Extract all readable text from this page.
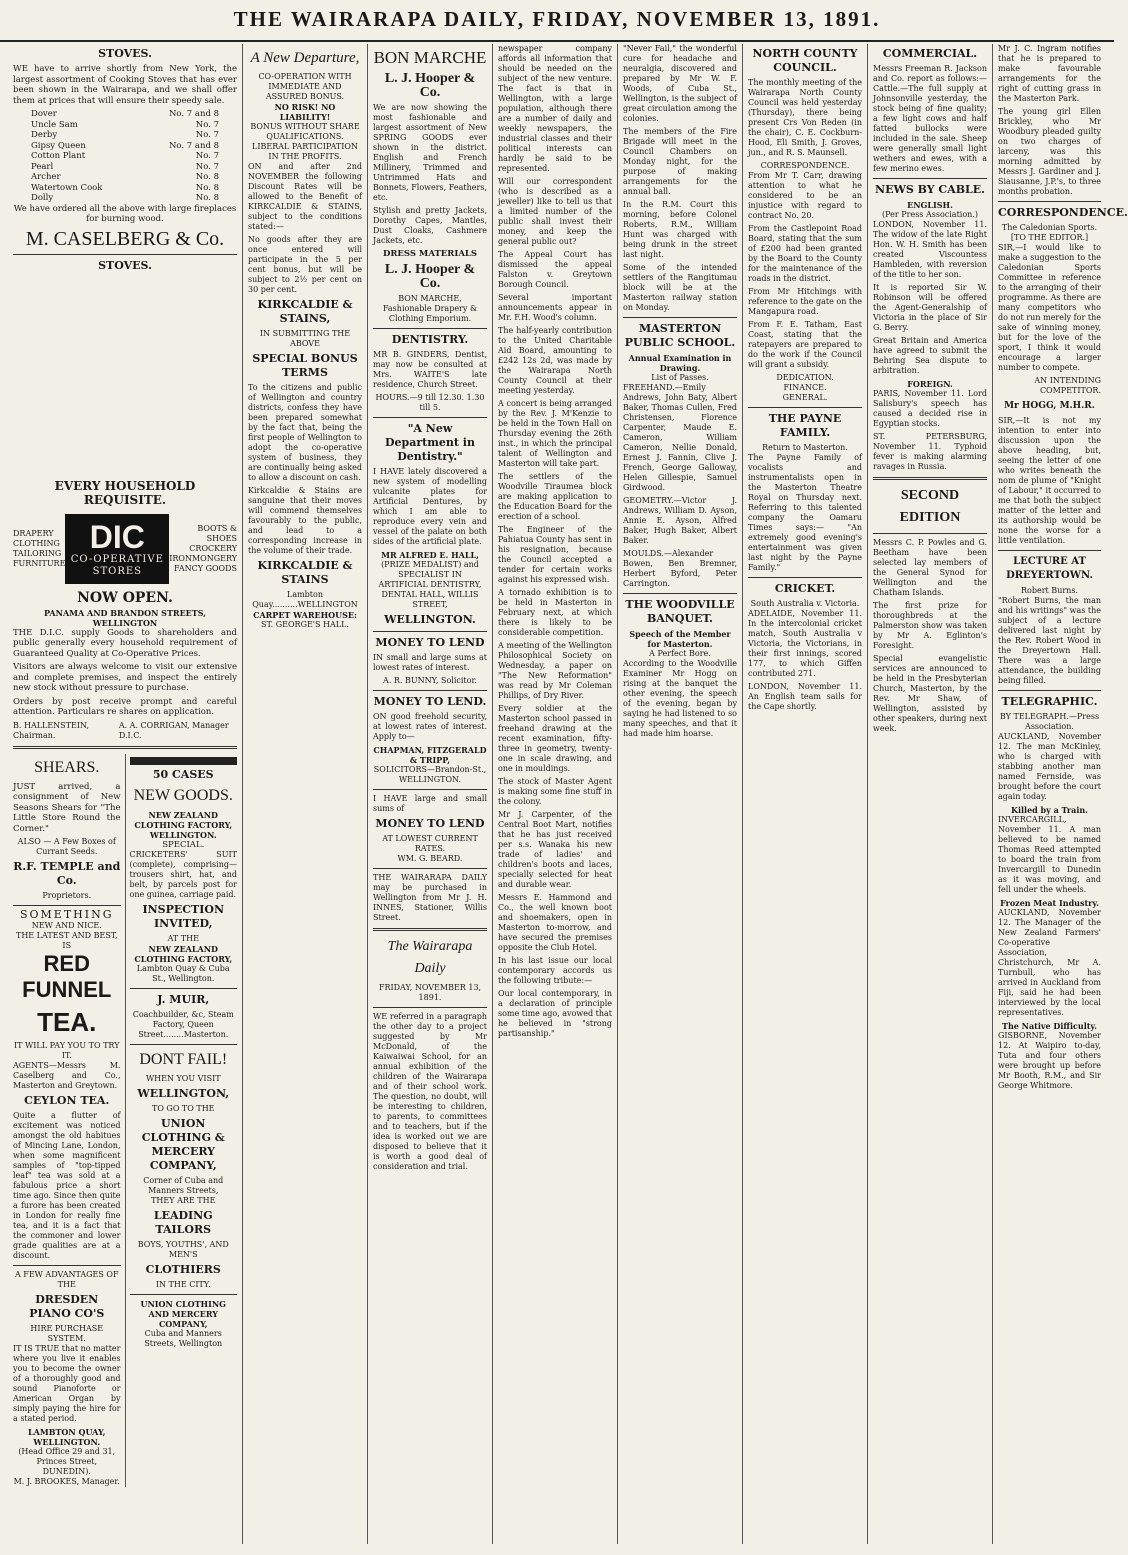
THE WAIRARAPA DAILY, FRIDAY, NOVEMBER 13, 1891.
STOVES.

WE have to arrive shortly from New York, the largest assortment of Cooking Stoves that has ever been shown in the Wairarapa, and we shall offer them at prices that will ensure their speedy sale.

Dover	No. 7 and 8
Uncle Sam	No. 7
Derby	No. 7
Gipsy Queen	No. 7 and 8
Cotton Plant	No. 7
Pearl	No. 7
Archer	No. 8
Watertown Cook	No. 8
Dolly	No. 8

We have ordered all the above with large fireplaces for burning wood.

M. CASELBERG & Co.
STOVES.
EVERY HOUSEHOLD REQUISITE.
DRAPERY
CLOTHING
TAILORING
FURNITURE
DIC
CO-OPERATIVE STORES
BOOTS & SHOES
CROCKERY
IRONMONGERY
FANCY GOODS
NOW OPEN.
PANAMA AND BRANDON STREETS, WELLINGTON

THE D.I.C. supply Goods to shareholders and public generally every household requirement of Guaranteed Quality at Co-Operative Prices.

Visitors are always welcome to visit our extensive and complete premises, and inspect the entirely new stock without pressure to purchase.

Orders by post receive prompt and careful attention. Particulars re shares on application.

B. HALLENSTEIN, Chairman.
A. A. CORRIGAN, Manager D.I.C.
SHEARS.

JUST arrived, a consignment of New Seasons Shears for "The Little Store Round the Corner."

ALSO — A Few Boxes of Currant Seeds.

R.F. TEMPLE and Co.
Proprietors.
SOMETHING
NEW AND NICE.
THE LATEST AND BEST,
IS
RED FUNNEL
TEA.
IT WILL PAY YOU TO TRY IT.

AGENTS—Messrs M. Caselberg and Co., Masterton and Greytown.

CEYLON TEA.

Quite a flutter of excitement was noticed amongst the old habitues of Mincing Lane, London, when some magnificent samples of "top-tipped leaf" tea was sold at a fabulous price a short time ago. Since then quite a furore has been created in London for really fine tea, and it is a fact that the commoner and lower grade qualities are at a discount.

A FEW ADVANTAGES OF THE
DRESDEN PIANO CO'S
HIRE PURCHASE SYSTEM.

IT IS TRUE that no matter where you live it enables you to become the owner of a thoroughly good and sound Pianoforte or American Organ by simply paying the hire for a stated period.

LAMBTON QUAY, WELLINGTON.
(Head Office 29 and 31, Princes Street, DUNEDIN).
M. J. BROOKES, Manager.
50 CASES
NEW GOODS.
NEW ZEALAND CLOTHING FACTORY, WELLINGTON.
SPECIAL.

CRICKETERS' SUIT (complete), comprising—trousers shirt, hat, and belt, by parcels post for one guinea, carriage paid.

INSPECTION INVITED,
AT THE
NEW ZEALAND CLOTHING FACTORY,
Lambton Quay & Cuba St., Wellington.
J. MUIR,
Coachbuilder, &c, Steam Factory, Queen Street........Masterton.
DONT FAIL!
WHEN YOU VISIT
WELLINGTON,
TO GO TO THE
UNION CLOTHING & MERCERY COMPANY,
Corner of Cuba and Manners Streets,
THEY ARE THE
LEADING TAILORS
BOYS, YOUTHS', AND MEN'S
CLOTHIERS
IN THE CITY.
UNION CLOTHING AND MERCERY COMPANY,
Cuba and Manners Streets, Wellington
A New Departure,
CO-OPERATION WITH IMMEDIATE AND ASSURED BONUS.
NO RISK! NO LIABILITY!
BONUS WITHOUT SHARE QUALIFICATIONS.
LIBERAL PARTICIPATION IN THE PROFITS.

ON and after 2nd NOVEMBER the following Discount Rates will be allowed to the Benefit of KIRKCALDIE & STAINS, subject to the conditions stated:—

No goods after they are once entered will participate in the 5 per cent bonus, but will be subject to 2½ per cent on 30 per cent.

KIRKCALDIE & STAINS,
IN SUBMITTING THE ABOVE
SPECIAL BONUS TERMS

To the citizens and public of Wellington and country districts, confess they have been prepared somewhat by the fact that, being the first people of Wellington to adopt the co-operative system of business, they are continually being asked to allow a discount on cash.

Kirkcaldie & Stains are sanguine that their moves will commend themselves favourably to the public, and lead to a corresponding increase in the volume of their trade.

KIRKCALDIE & STAINS
Lambton Quay..........WELLINGTON
CARPET WAREHOUSE:
ST. GEORGE'S HALL.
BON MARCHE
L. J. Hooper & Co.

We are now showing the most fashionable and largest assortment of New SPRING GOODS ever shown in the district. English and French Millinery, Trimmed and Untrimmed Hats and Bonnets, Flowers, Feathers, etc.

Stylish and pretty Jackets, Dorothy Capes, Mantles, Dust Cloaks, Cashmere Jackets, etc.

DRESS MATERIALS
L. J. Hooper & Co.
BON MARCHE,
Fashionable Drapery & Clothing Emporium.
DENTISTRY.

MR B. GINDERS, Dentist, may now be consulted at Mrs. WAITE'S late residence, Church Street.

HOURS.—9 till 12.30. 1.30 till 5.
"A New Department in Dentistry."

I HAVE lately discovered a new system of modelling vulcanite plates for Artificial Dentures, by which I am able to reproduce every vein and vessel of the palate on both sides of the artificial plate.

MR ALFRED E. HALL,
(PRIZE MEDALIST) and SPECIALIST IN ARTIFICIAL DENTISTRY, DENTAL HALL, WILLIS STREET,
WELLINGTON.
MONEY TO LEND

IN small and large sums at lowest rates of interest.

A. R. BUNNY, Solicitor.
MONEY TO LEND.

ON good freehold security, at lowest rates of interest. Apply to—

CHAPMAN, FITZGERALD & TRIPP,
SOLICITORS—Brandon-St., WELLINGTON.

I HAVE large and small sums of

MONEY TO LEND
AT LOWEST CURRENT RATES.
WM. G. BEARD.

THE WAIRARAPA DAILY may be purchased in Wellington from Mr J. H. INNES, Stationer, Willis Street.

The Wairarapa Daily
FRIDAY, NOVEMBER 13, 1891.

WE referred in a paragraph the other day to a project suggested by Mr McDonald, of the Kaiwaiwai School, for an annual exhibition of the children of the Wairarapa and of their school work. The question, no doubt, will be interesting to children, to parents, to committees and to teachers, but if the idea is worked out we are disposed to believe that it is worth a good deal of consideration and trial.

newspaper company affords all information that should be needed on the subject of the new venture. The fact is that in Wellington, with a large population, although there are a number of daily and weekly newspapers, the industrial classes and their political interests can hardly be said to be represented.

Will our correspondent (who is described as a jeweller) like to tell us that a limited number of the public shall invest their money, and keep the general public out?

The Appeal Court has dismissed the appeal Falston v. Greytown Borough Council.

Several important announcements appear in Mr. F.H. Wood's column.

The half-yearly contribution to the United Charitable Aid Board, amounting to £242 12s 2d, was made by the Wairarapa North County Council at their meeting yesterday.

A concert is being arranged by the Rev. J. M'Kenzie to be held in the Town Hall on Thursday evening the 26th inst., in which the principal talent of Wellington and Masterton will take part.

The settlers of the Woodville Tiraumea block are making application to the Education Board for the erection of a school.

The Engineer of the Pahiatua County has sent in his resignation, because the Council accepted a tender for certain works against his expressed wish.

A tornado exhibition is to be held in Masterton in February next, at which there is likely to be considerable competition.

A meeting of the Wellington Philosophical Society on Wednesday, a paper on "The New Reformation" was read by Mr Coleman Phillips, of Dry River.

Every soldier at the Masterton school passed in freehand drawing at the recent examination, fifty-three in geometry, twenty-one in scale drawing, and one in mouldings.

The stock of Master Agent is making some fine stuff in the colony.

Mr J. Carpenter, of the Central Boot Mart, notifies that he has just received per s.s. Wanaka his new trade of ladies' and children's boots and laces, specially selected for heat and durable wear.

Messrs E. Hammond and Co., the well known boot and shoemakers, open in Masterton to-morrow, and have secured the premises opposite the Club Hotel.

In his last issue our local contemporary accords us the following tribute:—

Our local contemporary, in a declaration of principle some time ago, avowed that he believed in "strong partisanship."

"Never Fail," the wonderful cure for headache and neuralgia, discovered and prepared by Mr W. F. Woods, of Cuba St., Wellington, is the subject of great circulation among the colonies.

The members of the Fire Brigade will meet in the Council Chambers on Monday night, for the purpose of making arrangements for the annual ball.

In the R.M. Court this morning, before Colonel Roberts, R.M., William Hunt was charged with being drunk in the street last night.

Some of the intended settlers of the Rangitumau block will be at the Masterton railway station on Monday.

MASTERTON PUBLIC SCHOOL.
Annual Examination in Drawing.
List of Passes.

FREEHAND.—Emily Andrews, John Baty, Albert Baker, Thomas Cullen, Fred Christensen, Florence Carpenter, Maude E. Cameron, William Cameron, Nellie Donald, Ernest J. Fannin, Clive J. French, George Galloway, Helen Gillespie, Samuel Girdwood.

GEOMETRY.—Victor J. Andrews, William D. Ayson, Annie E. Ayson, Alfred Baker, Hugh Baker, Albert Baker.

MOULDS.—Alexander Bowen, Ben Bremner, Herbert Byford, Peter Carrington.

THE WOODVILLE BANQUET.
Speech of the Member for Masterton.
A Perfect Bore.

According to the Woodville Examiner Mr Hogg on rising at the banquet the other evening, the speech of the evening, began by saying he had listened to so many speeches, and that it had made him hoarse.

NORTH COUNTY COUNCIL.

The monthly meeting of the Wairarapa North County Council was held yesterday (Thursday), there being present Crs Von Reden (in the chair), C. E. Cockburn-Hood, Eli Smith, J. Groves, jun., and R. S. Maunsell.

CORRESPONDENCE.

From Mr T. Carr, drawing attention to what he considered to be an injustice with regard to contract No. 20.

From the Castlepoint Road Board, stating that the sum of £200 had been granted by the Board to the County for the maintenance of the roads in the district.

From Mr Hitchings with reference to the gate on the Mangapura road.

From F. E. Tatham, East Coast, stating that the ratepayers are prepared to do the work if the Council will grant a subsidy.

DEDICATION.
FINANCE.
GENERAL.
THE PAYNE FAMILY.
Return to Masterton.

The Payne Family of vocalists and instrumentalists open in the Masterton Theatre Royal on Thursday next. Referring to this talented company the Oamaru Times says:— "An extremely good evening's entertainment was given last night by the Payne Family."

CRICKET.
South Australia v. Victoria.

ADELAIDE, November 11. In the intercolonial cricket match, South Australia v Victoria, the Victorians, in their first innings, scored 177, to which Giffen contributed 271.

LONDON, November 11. An English team sails for the Cape shortly.

COMMERCIAL.

Messrs Freeman R. Jackson and Co. report as follows:—Cattle.—The full supply at Johnsonville yesterday, the stock being of fine quality; a few light cows and half fatted bullocks were included in the sale. Sheep were generally small light wethers and ewes, with a few merino ewes.

NEWS BY CABLE.
ENGLISH.
(Per Press Association.)

LONDON, November 11. The widow of the late Right Hon. W. H. Smith has been created Viscountess Hambleden, with reversion of the title to her son.

It is reported Sir W. Robinson will be offered the Agent-Generalship of Victoria in the place of Sir G. Berry.

Great Britain and America have agreed to submit the Behring Sea dispute to arbitration.

FOREIGN.

PARIS, November 11. Lord Salisbury's speech has caused a decided rise in Egyptian stocks.

ST. PETERSBURG, November 11. Typhoid fever is making alarming ravages in Russia.

SECOND EDITION

Messrs C. P. Powles and G. Beetham have been selected lay members of the General Synod for Wellington and the Chatham Islands.

The first prize for thoroughbreds at the Palmerston show was taken by Mr A. Eglinton's Foresight.

Special evangelistic services are announced to be held in the Presbyterian Church, Masterton, by the Rev. Mr Shaw, of Wellington, assisted by other speakers, during next week.

Mr J. C. Ingram notifies that he is prepared to make favourable arrangements for the right of cutting grass in the Masterton Park.

The young girl Ellen Brickley, who Mr Woodbury pleaded guilty on two charges of larceny, was this morning admitted by Messrs J. Gardiner and J. Siausanne, J.P.'s, to three months probation.

CORRESPONDENCE.
The Caledonian Sports.
[TO THE EDITOR.]

SIR,—I would like to make a suggestion to the Caledonian Sports Committee in reference to the arranging of their programme. As there are many competitors who do not run merely for the sake of winning money, but for the love of the sport, I think it would encourage a larger number to compete.

AN INTENDING COMPETITOR.
Mr HOGG, M.H.R.

SIR,—It is not my intention to enter into discussion upon the above heading, but, seeing the letter of one who writes beneath the nom de plume of "Knight of Labour," it occurred to me that both the subject matter of the letter and its authorship would be none the worse for a little ventilation.

LECTURE AT DREYERTOWN.
Robert Burns.

"Robert Burns, the man and his writings" was the subject of a lecture delivered last night by the Rev. Robert Wood in the Dreyertown Hall. There was a large attendance, the building being filled.

TELEGRAPHIC.
BY TELEGRAPH.—Press Association.

AUCKLAND, November 12. The man McKinley, who is charged with stabbing another man named Fernside, was brought before the court again today.

Killed by a Train.

INVERCARGILL, November 11. A man believed to be named Thomas Reed attempted to board the train from Invercargill to Dunedin as it was moving, and fell under the wheels.

Frozen Meat Industry.

AUCKLAND, November 12. The Manager of the New Zealand Farmers' Co-operative Association, Christchurch, Mr A. Turnbull, who has arrived in Auckland from Fiji, said he had been interviewed by the local representatives.

The Native Difficulty.

GISBORNE, November 12. At Waipiro to-day, Tuta and four others were brought up before Mr Booth, R.M., and Sir George Whitmore.
